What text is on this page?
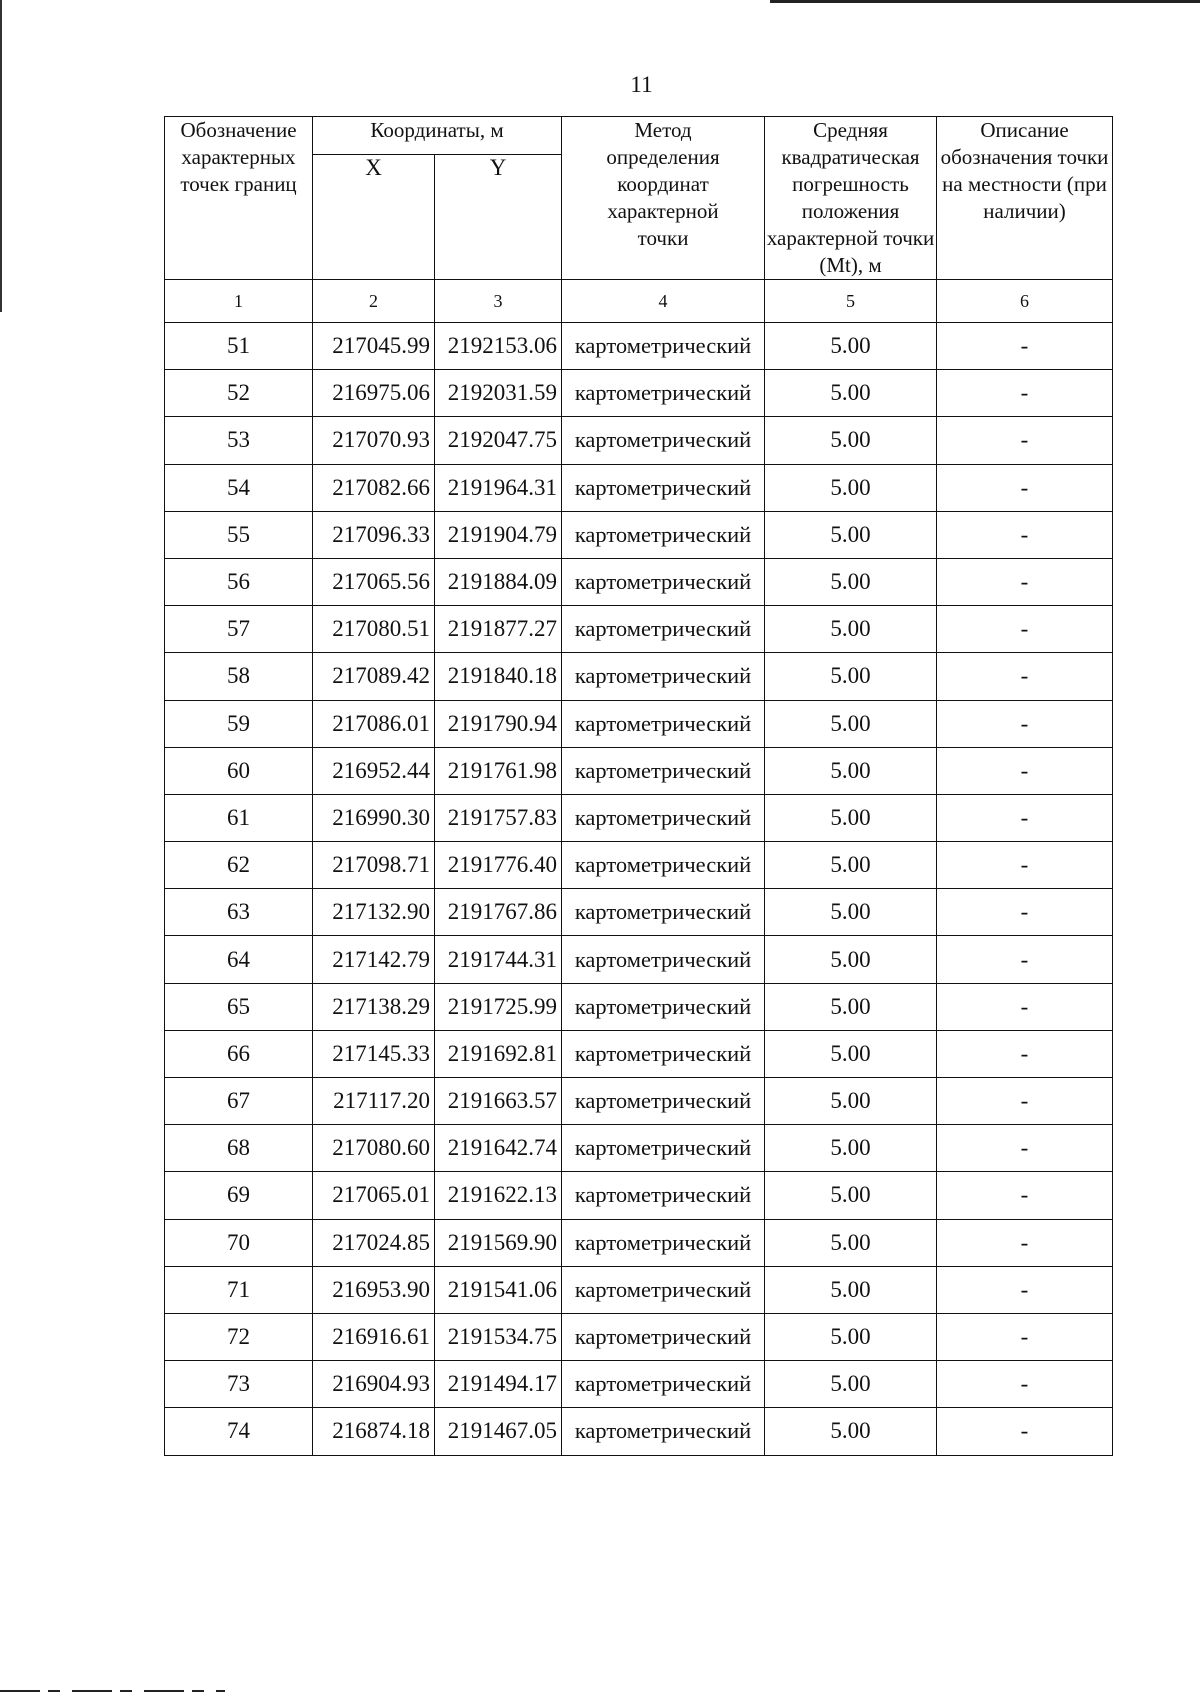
11
Обозначение характерных точек границ	Координаты, м		Метод определения координат характерной точки	Средняя квадратическая погрешность положения характерной точки (Mt), м	Описание обозначения точки на местности (при наличии)
	X	Y			
1	2	3	4	5	6
51	217045.99	2192153.06	картометрический	5.00	-
52	216975.06	2192031.59	картометрический	5.00	-
53	217070.93	2192047.75	картометрический	5.00	-
54	217082.66	2191964.31	картометрический	5.00	-
55	217096.33	2191904.79	картометрический	5.00	-
56	217065.56	2191884.09	картометрический	5.00	-
57	217080.51	2191877.27	картометрический	5.00	-
58	217089.42	2191840.18	картометрический	5.00	-
59	217086.01	2191790.94	картометрический	5.00	-
60	216952.44	2191761.98	картометрический	5.00	-
61	216990.30	2191757.83	картометрический	5.00	-
62	217098.71	2191776.40	картометрический	5.00	-
63	217132.90	2191767.86	картометрический	5.00	-
64	217142.79	2191744.31	картометрический	5.00	-
65	217138.29	2191725.99	картометрический	5.00	-
66	217145.33	2191692.81	картометрический	5.00	-
67	217117.20	2191663.57	картометрический	5.00	-
68	217080.60	2191642.74	картометрический	5.00	-
69	217065.01	2191622.13	картометрический	5.00	-
70	217024.85	2191569.90	картометрический	5.00	-
71	216953.90	2191541.06	картометрический	5.00	-
72	216916.61	2191534.75	картометрический	5.00	-
73	216904.93	2191494.17	картометрический	5.00	-
74	216874.18	2191467.05	картометрический	5.00	-
